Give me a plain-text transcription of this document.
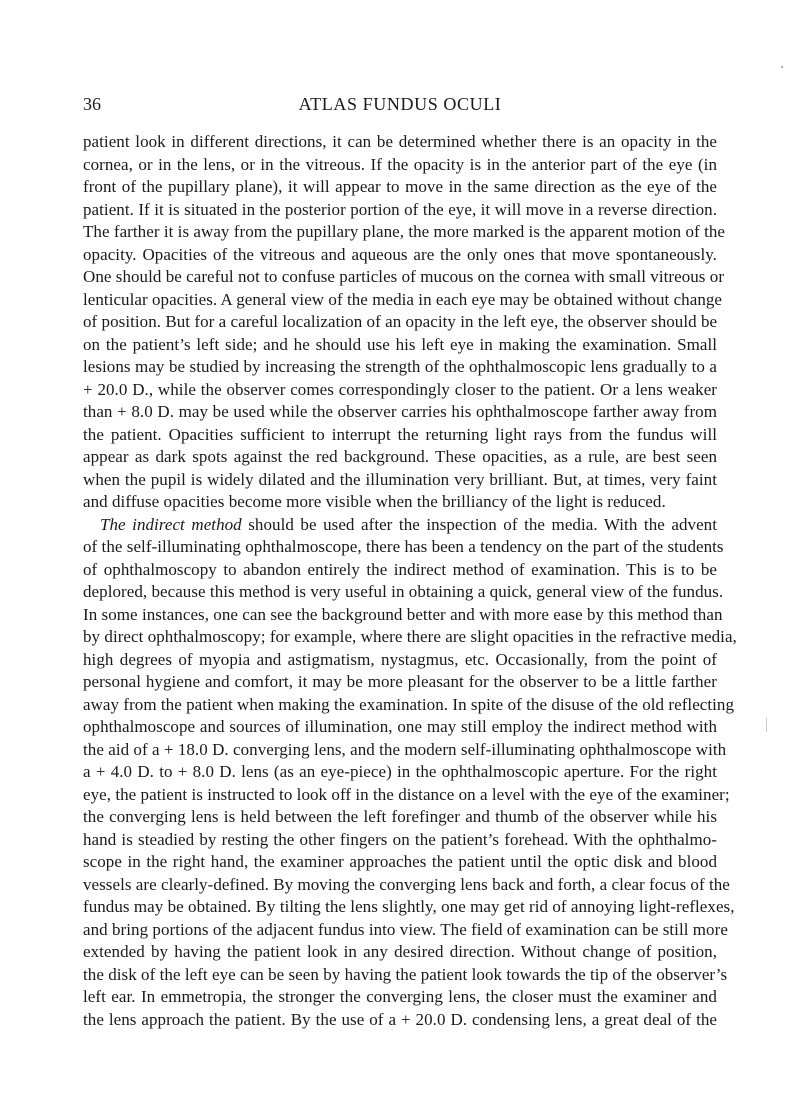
36	ATLAS FUNDUS OCULI
patient look in different directions, it can be determined whether there is an opacity in the
cornea, or in the lens, or in the vitreous. If the opacity is in the anterior part of the eye (in
front of the pupillary plane), it will appear to move in the same direction as the eye of the
patient. If it is situated in the posterior portion of the eye, it will move in a reverse direction.
The farther it is away from the pupillary plane, the more marked is the apparent motion of the
opacity. Opacities of the vitreous and aqueous are the only ones that move spontaneously.
One should be careful not to confuse particles of mucous on the cornea with small vitreous or
lenticular opacities. A general view of the media in each eye may be obtained without change
of position. But for a careful localization of an opacity in the left eye, the observer should be
on the patient’s left side; and he should use his left eye in making the examination. Small
lesions may be studied by increasing the strength of the ophthalmoscopic lens gradually to a
+ 20.0 D., while the observer comes correspondingly closer to the patient. Or a lens weaker
than + 8.0 D. may be used while the observer carries his ophthalmoscope farther away from
the patient. Opacities sufficient to interrupt the returning light rays from the fundus will
appear as dark spots against the red background. These opacities, as a rule, are best seen
when the pupil is widely dilated and the illumination very brilliant. But, at times, very faint
and diffuse opacities become more visible when the brilliancy of the light is reduced.
The indirect method should be used after the inspection of the media. With the advent
of the self-illuminating ophthalmoscope, there has been a tendency on the part of the students
of ophthalmoscopy to abandon entirely the indirect method of examination. This is to be
deplored, because this method is very useful in obtaining a quick, general view of the fundus.
In some instances, one can see the background better and with more ease by this method than
by direct ophthalmoscopy; for example, where there are slight opacities in the refractive media,
high degrees of myopia and astigmatism, nystagmus, etc. Occasionally, from the point of
personal hygiene and comfort, it may be more pleasant for the observer to be a little farther
away from the patient when making the examination. In spite of the disuse of the old reflecting
ophthalmoscope and sources of illumination, one may still employ the indirect method with
the aid of a + 18.0 D. converging lens, and the modern self-illuminating ophthalmoscope with
a + 4.0 D. to + 8.0 D. lens (as an eye-piece) in the ophthalmoscopic aperture. For the right
eye, the patient is instructed to look off in the distance on a level with the eye of the examiner;
the converging lens is held between the left forefinger and thumb of the observer while his
hand is steadied by resting the other fingers on the patient’s forehead. With the ophthalmo-
scope in the right hand, the examiner approaches the patient until the optic disk and blood
vessels are clearly-defined. By moving the converging lens back and forth, a clear focus of the
fundus may be obtained. By tilting the lens slightly, one may get rid of annoying light-reflexes,
and bring portions of the adjacent fundus into view. The field of examination can be still more
extended by having the patient look in any desired direction. Without change of position,
the disk of the left eye can be seen by having the patient look towards the tip of the observer’s
left ear. In emmetropia, the stronger the converging lens, the closer must the examiner and
the lens approach the patient. By the use of a + 20.0 D. condensing lens, a great deal of the
